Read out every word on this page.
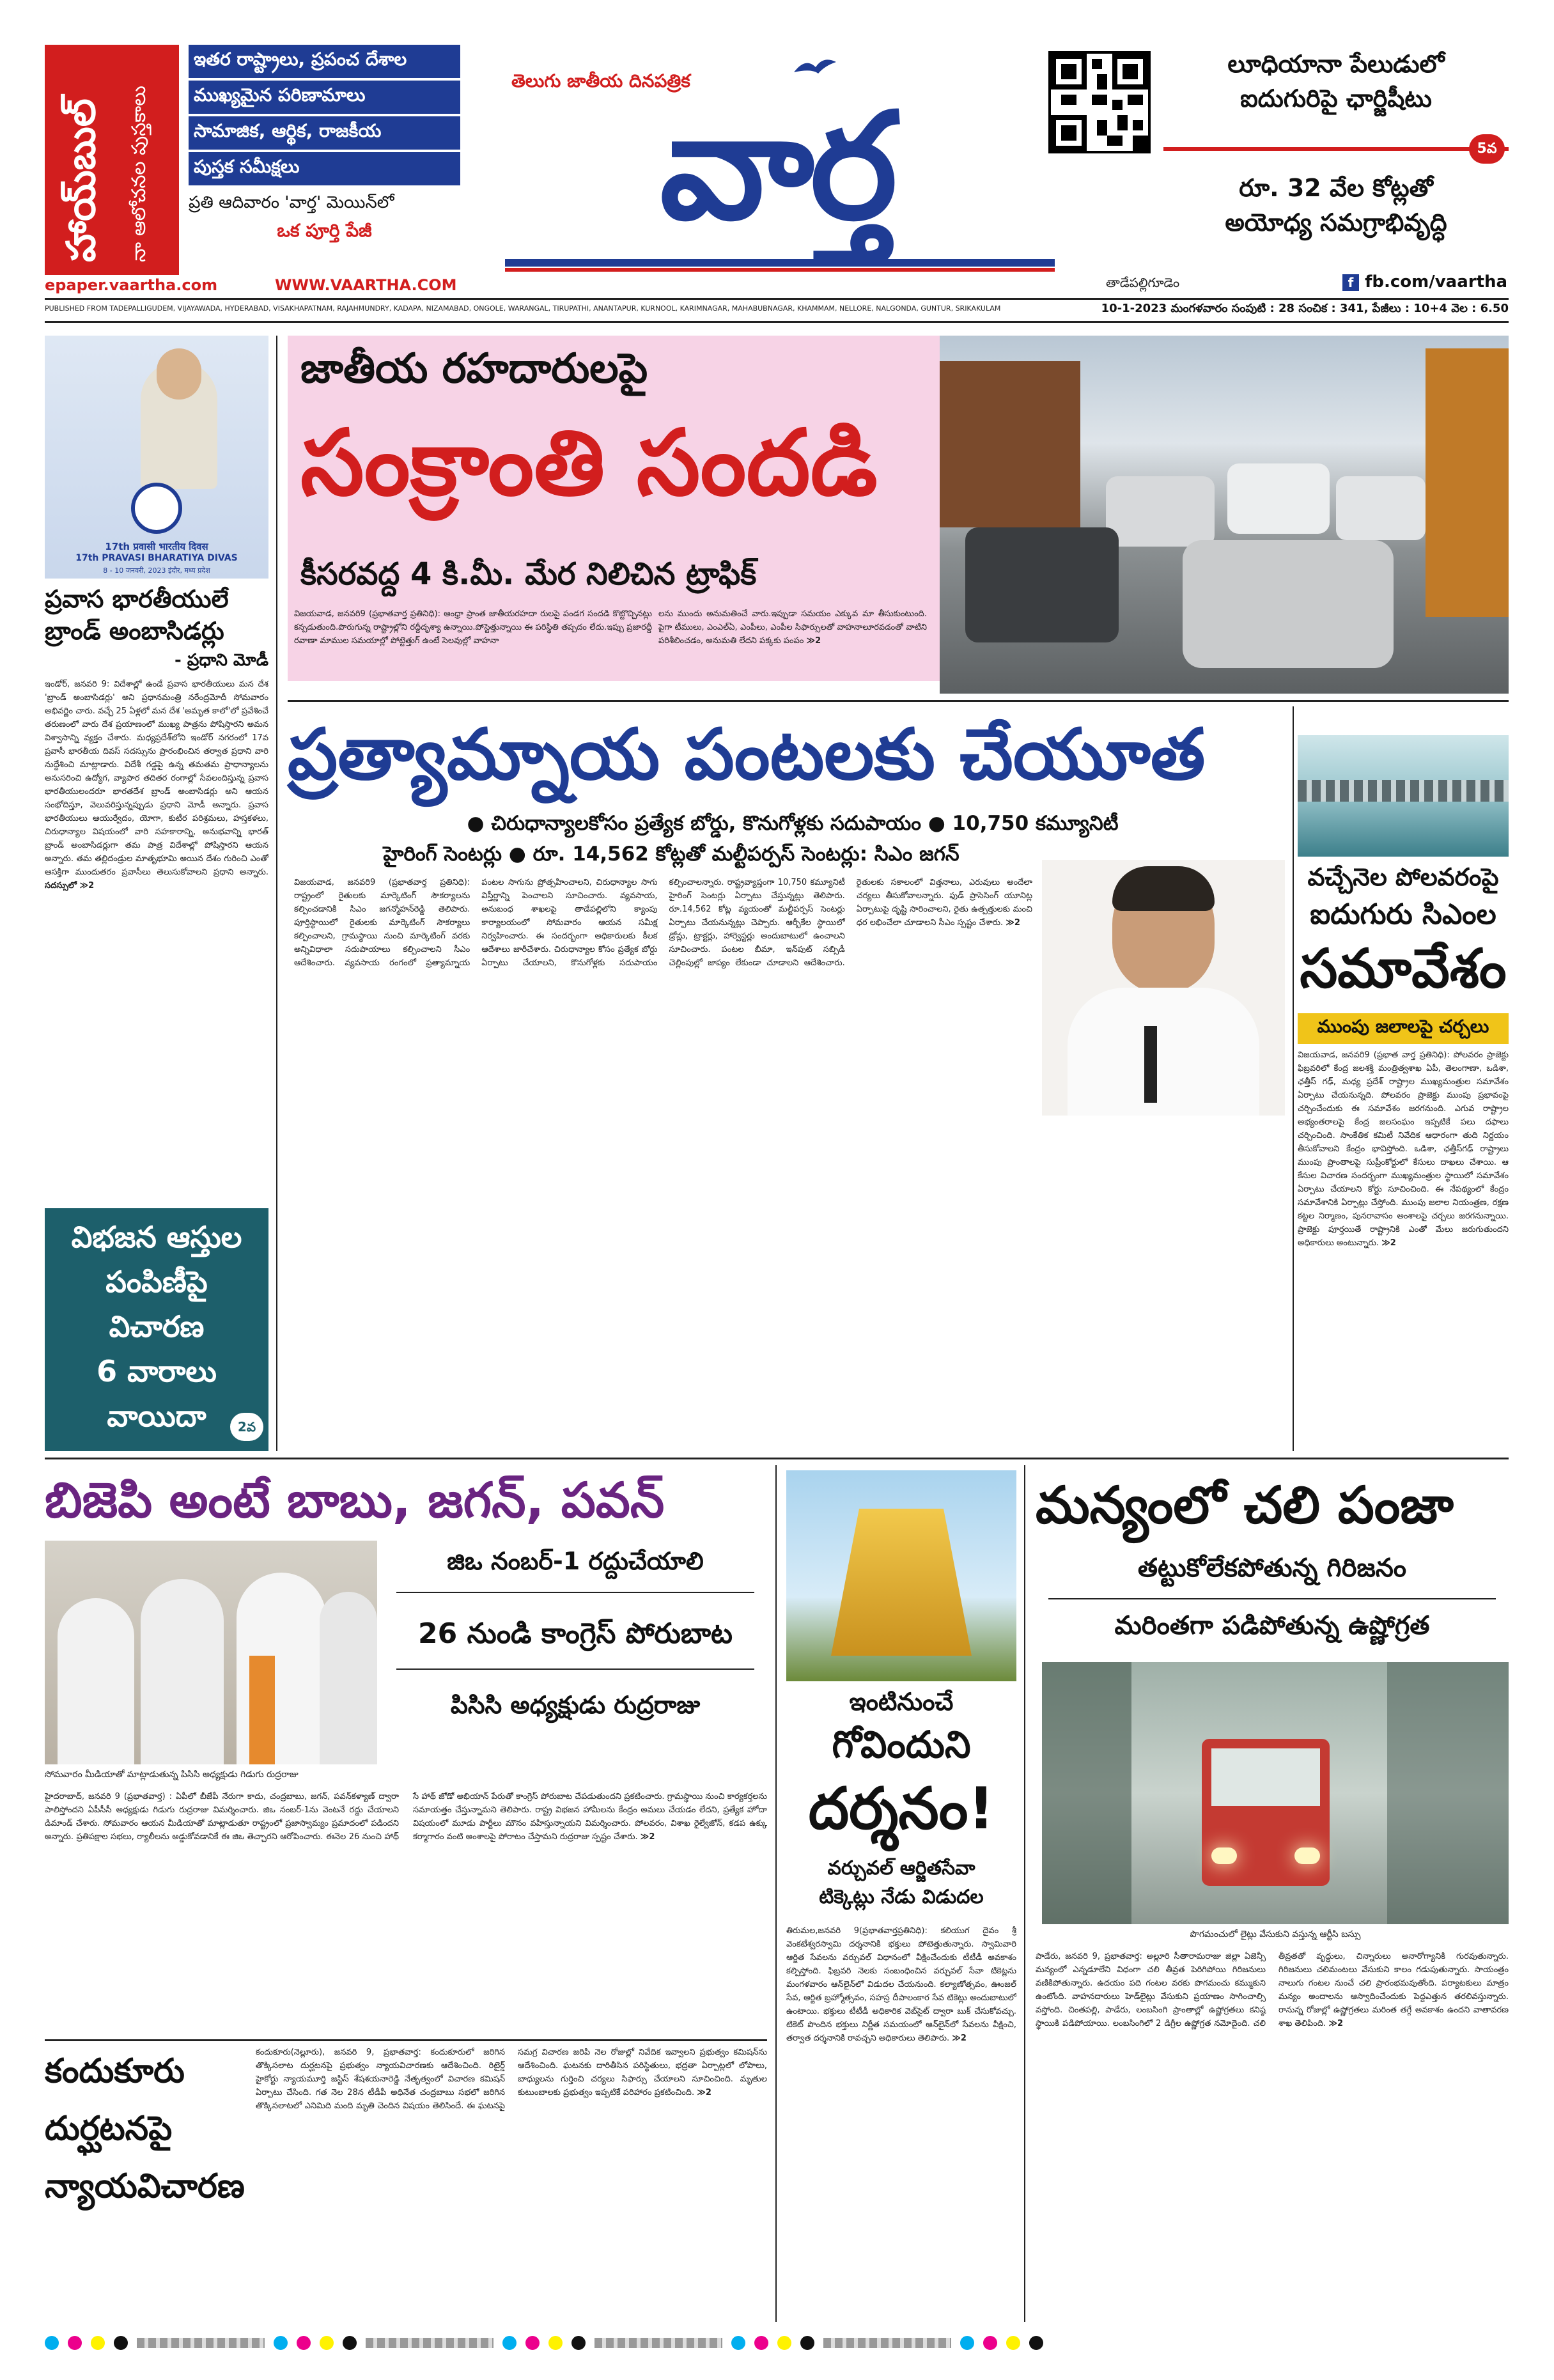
హాయ్‌బుల్	నా ఆలోచనల పుస్తకాలు
ఇతర రాష్ట్రాలు, ప్రపంచ దేశాల
ముఖ్యమైన పరిణామాలు
సామాజిక, ఆర్థిక, రాజకీయ
పుస్తక సమీక్షలు
ప్రతి ఆదివారం 'వార్త' మెయిన్‌లో
ఒక పూర్తి పేజీ
epaper.vaartha.com	WWW.VAARTHA.COM
తెలుగు జాతీయ దినపత్రిక
వార్త
లూధియానా పేలుడులో
ఐదుగురిపై ఛార్జిషీటు
5వ
రూ. 32 వేల కోట్లతో
అయోధ్య సమగ్రాభివృద్ధి
తాడేపల్లిగూడెం	f fb.com/vaartha
PUBLISHED FROM TADEPALLIGUDEM, VIJAYAWADA, HYDERABAD, VISAKHAPATNAM, RAJAHMUNDRY, KADAPA, NIZAMABAD, ONGOLE, WARANGAL, TIRUPATHI, ANANTAPUR, KURNOOL, KARIMNAGAR, MAHABUBNAGAR, KHAMMAM, NELLORE, NALGONDA, GUNTUR, SRIKAKULAM	10-1-2023 మంగళవారం సంపుటి : 28 సంచిక : 341, పేజీలు : 10+4 వెల : 6.50
17th प्रवासी भारतीय दिवस
17th PRAVASI BHARATIYA DIVAS
8 - 10 जनवरी, 2023 इंदौर, मध्य प्रदेश
ప్రవాస భారతీయులే
బ్రాండ్ అంబాసిడర్లు
- ప్రధాని మోడీ
ఇండోర్, జనవరి 9: విదేశాల్లో ఉండే ప్రవాస భారతీయులు మన దేశ 'బ్రాండ్ అంబాసిడర్లు' అని ప్రధానమంత్రి నరేంద్రమోదీ సోమవారం అభివర్ణిం చారు. వచ్చే 25 ఏళ్లలో మన దేశ 'అమృత కాలో'లో ప్రవేశించే తరుణంలో వారు దేశ ప్రయాణంలో ముఖ్య పాత్రను పోషిస్తారని అమన విశ్వాసాన్ని వ్యక్తం చేశారు. మధ్యప్రదేశ్‌లోని ఇండోర్ నగరంలో 17వ ప్రవాసీ భారతీయ దివస్ సదస్సును ప్రారంభించిన తర్వాత ప్రధాని వారి నుద్దేశించి మాట్లాడారు. విదేశీ గడ్డపై ఉన్న తమతమ ప్రాధాన్యాలను అనుసరించి ఉద్యోగ, వ్యాపార తదితర రంగాల్లో సేవలందిస్తున్న ప్రవాస భారతీయులందరూ భారతదేశ బ్రాండ్ అంబాసిడర్లు అని ఆయన సంభోదిస్తూ, వెలువరిస్తున్నప్పుడు ప్రధాని మోడీ అన్నారు. ప్రవాస భారతీయులు ఆయుర్వేదం, యోగా, కుటీర పరిశ్రమలు, హస్తకళలు, చిరుధాన్యాల విషయంలో వారి సహకారాన్ని, అనుభవాన్ని భారత్ బ్రాండ్ అంబాసిడర్లుగా తమ పాత్ర విదేశాల్లో పోషిస్తారని ఆయన అన్నారు. తమ తల్లిదండ్రుల మాతృభూమి అయిన దేశం గురించి ఎంతో ఆసక్తిగా ముందుతరం ప్రవాసీలు తెలుసుకోవాలని ప్రధాని అన్నారు. సదస్సులో ≫2
విభజన ఆస్తుల
పంపిణీపై
విచారణ
6 వారాలు
వాయిదా	2వ
జాతీయ రహదారులపై
సంక్రాంతి సందడి
కీసరవద్ద 4 కి.మీ. మేర నిలిచిన ట్రాఫిక్
విజయవాడ, జనవరి9 (ప్రభాతవార్త ప్రతినిధి): ఆంధ్రా ప్రాంత జాతీయరహదా రులపై పండగ సందడి కొట్టొచ్చినట్లు కన్పడుతుంది.పొరుగున్న రాష్ట్రాల్లోని రద్దీదృశ్యా ఉన్నాయి.పోస్టెత్తున్నాయి ఈ పరిస్థితి తప్పదం లేదు.ఇప్పు ప్రజారద్దీ రవాణా మాముల సమయాల్లో పోట్టెత్తుగ్ ఉంటే సెలవుల్లో వాహనా
లను ముందు అనుమతించే వారు.ఇప్పుడా సమయం ఎక్కువ మా తీసుకుంటుంది. పైగా టీములు, ఎంఎల్ఏ, ఎంపీలు, ఎంపీల సిఫార్సులతో వాహనాలూరవడంతో వాటిని పరిశీలించడం, అనుమతి లేదని పక్కకు పంపం ≫2
ప్రత్యామ్నాయ పంటలకు చేయూత
● చిరుధాన్యాలకోసం ప్రత్యేక బోర్డు, కొనుగోళ్లకు సదుపాయం ● 10,750 కమ్యూనిటీ
హైరింగ్ సెంటర్లు ● రూ. 14,562 కోట్లతో మల్టీపర్పస్ సెంటర్లు: సిఎం జగన్
విజయవాడ, జనవరి9 (ప్రభాతవార్త ప్రతినిధి): రాష్ట్రంలో రైతులకు మార్కెటింగ్ సౌకర్యాలను కల్పించడానికి సిఎం జగన్మోహన్‌రెడ్డి తెలిపారు. పూర్తిస్థాయిలో రైతులకు మార్కెటింగ్ సౌకర్యాలు కల్పించాలని, గ్రామస్థాయి నుంచి మార్కెటింగ్ వరకు అన్నివిధాలా సదుపాయాలు కల్పించాలని సీఎం ఆదేశించారు. వ్యవసాయ రంగంలో ప్రత్యామ్నాయ పంటల సాగును ప్రోత్సహించాలని, చిరుధాన్యాల సాగు విస్తీర్ణాన్ని పెంచాలని సూచించారు. వ్యవసాయ, అనుబంధ శాఖలపై తాడేపల్లిలోని క్యాంపు కార్యాలయంలో సోమవారం ఆయన సమీక్ష నిర్వహించారు. ఈ సందర్భంగా అధికారులకు కీలక ఆదేశాలు జారీచేశారు. చిరుధాన్యాల కోసం ప్రత్యేక బోర్డు ఏర్పాటు చేయాలని, కొనుగోళ్లకు సదుపాయం కల్పించాలన్నారు. రాష్ట్రవ్యాప్తంగా 10,750 కమ్యూనిటీ హైరింగ్ సెంటర్లు ఏర్పాటు చేస్తున్నట్లు తెలిపారు. రూ.14,562 కోట్ల వ్యయంతో మల్టీపర్పస్ సెంటర్లు ఏర్పాటు చేయనున్నట్లు చెప్పారు. ఆర్బీకేల స్థాయిలో డ్రోన్లు, ట్రాక్టర్లు, హార్వెస్టర్లు అందుబాటులో ఉంచాలని సూచించారు. పంటల బీమా, ఇన్‌పుట్ సబ్సిడీ చెల్లింపుల్లో జాప్యం లేకుండా చూడాలని ఆదేశించారు. రైతులకు సకాలంలో విత్తనాలు, ఎరువులు అందేలా చర్యలు తీసుకోవాలన్నారు. ఫుడ్ ప్రాసెసింగ్ యూనిట్ల ఏర్పాటుపై దృష్టి సారించాలని, రైతు ఉత్పత్తులకు మంచి ధర లభించేలా చూడాలని సీఎం స్పష్టం చేశారు. ≫2
వచ్చేనెల పోలవరంపై
ఐదుగురు సిఎంల
సమావేశం
ముంపు జలాలపై చర్చలు
విజయవాడ, జనవరి9 (ప్రభాత వార్త ప్రతినిధి): పోలవరం ప్రాజెక్టు ఫిబ్రవరిలో కేంద్ర జలశక్తి మంత్రిత్వశాఖ ఏపీ, తెలంగాణా, ఒడిశా, ఛత్తీస్ గఢ్, మధ్య ప్రదేశ్ రాష్ట్రాల ముఖ్యమంత్రుల సమావేశం ఏర్పాటు చేయనున్నది. పోలవరం ప్రాజెక్టు ముంపు ప్రభావంపై చర్చించేందుకు ఈ సమావేశం జరగనుంది. ఎగువ రాష్ట్రాల అభ్యంతరాలపై కేంద్ర జలసంఘం ఇప్పటికే పలు దఫాలు చర్చించింది. సాంకేతిక కమిటీ నివేదిక ఆధారంగా తుది నిర్ణయం తీసుకోవాలని కేంద్రం భావిస్తోంది. ఒడిశా, ఛత్తీస్‌గఢ్ రాష్ట్రాలు ముంపు ప్రాంతాలపై సుప్రీంకోర్టులో కేసులు దాఖలు చేశాయి. ఆ కేసుల విచారణ సందర్భంగా ముఖ్యమంత్రుల స్థాయిలో సమావేశం ఏర్పాటు చేయాలని కోర్టు సూచించింది. ఈ నేపథ్యంలో కేంద్రం సమావేశానికి ఏర్పాట్లు చేస్తోంది. ముంపు జలాల నియంత్రణ, రక్షణ కట్టల నిర్మాణం, పునరావాసం అంశాలపై చర్చలు జరగనున్నాయి. ప్రాజెక్టు పూర్తయితే రాష్ట్రానికి ఎంతో మేలు జరుగుతుందని అధికారులు అంటున్నారు. ≫2
బిజెపి అంటే బాబు, జగన్, పవన్
సోమవారం మీడియాతో మాట్లాడుతున్న పిసిసి అధ్యక్షుడు గిడుగు రుద్రరాజు
జిఒ నంబర్-1 రద్దుచేయాలి
26 నుండి కాంగ్రెస్ పోరుబాట
పిసిసి అధ్యక్షుడు రుద్రరాజు
హైదరాబాద్, జనవరి 9 (ప్రభాతవార్త) : ఏపీలో బీజేపీ నేరుగా కాదు, చంద్రబాబు, జగన్, పవన్‌కళ్యాణ్ ద్వారా పాలిస్తోందని ఏపీసీసీ అధ్యక్షుడు గిడుగు రుద్రరాజు విమర్శించారు. జిఒ నంబర్-1ను వెంటనే రద్దు చేయాలని డిమాండ్ చేశారు. సోమవారం ఆయన మీడియాతో మాట్లాడుతూ రాష్ట్రంలో ప్రజాస్వామ్యం ప్రమాదంలో పడిందని అన్నారు. ప్రతిపక్షాల సభలు, ర్యాలీలను అడ్డుకోవడానికే ఈ జిఒ తెచ్చారని ఆరోపించారు. ఈనెల 26 నుంచి హాథ్ సే హాథ్ జోడో అభియాన్ పేరుతో కాంగ్రెస్ పోరుబాట చేపడుతుందని ప్రకటించారు. గ్రామస్థాయి నుంచి కార్యకర్తలను సమాయత్తం చేస్తున్నామని తెలిపారు. రాష్ట్ర విభజన హామీలను కేంద్రం అమలు చేయడం లేదని, ప్రత్యేక హోదా విషయంలో మూడు పార్టీలు మౌనం వహిస్తున్నాయని విమర్శించారు. పోలవరం, విశాఖ రైల్వేజోన్, కడప ఉక్కు కర్మాగారం వంటి అంశాలపై పోరాటం చేస్తామని రుద్రరాజు స్పష్టం చేశారు. ≫2
కందుకూరు
దుర్ఘటనపై
న్యాయవిచారణ
కందుకూరు(నెల్లూరు), జనవరి 9, ప్రభాతవార్త: కందుకూరులో జరిగిన తొక్కిసలాట దుర్ఘటనపై ప్రభుత్వం న్యాయవిచారణకు ఆదేశించింది. రిటైర్డ్ హైకోర్టు న్యాయమూర్తి జస్టిస్ శేషశయనారెడ్డి నేతృత్వంలో విచారణ కమిషన్ ఏర్పాటు చేసింది. గత నెల 28న టీడీపీ అధినేత చంద్రబాబు సభలో జరిగిన తొక్కిసలాటలో ఎనిమిది మంది మృతి చెందిన విషయం తెలిసిందే. ఈ ఘటనపై సమగ్ర విచారణ జరిపి నెల రోజుల్లో నివేదిక ఇవ్వాలని ప్రభుత్వం కమిషన్‌ను ఆదేశించింది. ఘటనకు దారితీసిన పరిస్థితులు, భద్రతా ఏర్పాట్లలో లోపాలు, బాధ్యులను గుర్తించి చర్యలు సిఫార్సు చేయాలని సూచించింది. మృతుల కుటుంబాలకు ప్రభుత్వం ఇప్పటికే పరిహారం ప్రకటించింది. ≫2
ఇంటినుంచే
గోవిందుని
దర్శనం!
వర్చువల్ ఆర్జితసేవా
టిక్కెట్లు నేడు విడుదల
తిరుమల,జనవరి 9(ప్రభాతవార్తప్రతినిధి): కలియుగ దైవం శ్రీ వెంకటేశ్వరస్వామి దర్శనానికి భక్తులు పోటెత్తుతున్నారు. స్వామివారి ఆర్జిత సేవలను వర్చువల్ విధానంలో వీక్షించేందుకు టీటీడీ అవకాశం కల్పిస్తోంది. ఫిబ్రవరి నెలకు సంబంధించిన వర్చువల్ సేవా టికెట్లను మంగళవారం ఆన్‌లైన్‌లో విడుదల చేయనుంది. కల్యాణోత్సవం, ఊంజల్ సేవ, ఆర్జిత బ్రహ్మోత్సవం, సహస్ర దీపాలంకార సేవ టికెట్లు అందుబాటులో ఉంటాయి. భక్తులు టీటీడీ అధికారిక వెబ్‌సైట్ ద్వారా బుక్ చేసుకోవచ్చు. టికెట్ పొందిన భక్తులు నిర్ణీత సమయంలో ఆన్‌లైన్‌లో సేవలను వీక్షించి, తర్వాత దర్శనానికి రావచ్చని అధికారులు తెలిపారు. ≫2
మన్యంలో చలి పంజా
తట్టుకోలేకపోతున్న గిరిజనం
మరింతగా పడిపోతున్న ఉష్ణోగ్రత
పొగమంచులో లైట్లు వేసుకుని వస్తున్న ఆర్టీసి బస్సు
పాడేరు, జనవరి 9, ప్రభాతవార్త: అల్లూరి సీతారామరాజు జిల్లా ఏజెన్సీ మన్యంలో ఎన్నడూలేని విధంగా చలి తీవ్రత పెరిగిపోయి గిరిజనులు వణికిపోతున్నారు. ఉదయం పది గంటల వరకు పొగమంచు కమ్ముకుని ఉంటోంది. వాహనదారులు హెడ్‌లైట్లు వేసుకుని ప్రయాణం సాగించాల్సి వస్తోంది. చింతపల్లి, పాడేరు, లంబసింగి ప్రాంతాల్లో ఉష్ణోగ్రతలు కనిష్ఠ స్థాయికి పడిపోయాయి. లంబసింగిలో 2 డిగ్రీల ఉష్ణోగ్రత నమోదైంది. చలి తీవ్రతతో వృద్ధులు, చిన్నారులు అనారోగ్యానికి గురవుతున్నారు. గిరిజనులు చలిమంటలు వేసుకుని కాలం గడుపుతున్నారు. సాయంత్రం నాలుగు గంటల నుంచే చలి ప్రారంభమవుతోంది. పర్యాటకులు మాత్రం మన్యం అందాలను ఆస్వాదించేందుకు పెద్దఎత్తున తరలివస్తున్నారు. రానున్న రోజుల్లో ఉష్ణోగ్రతలు మరింత తగ్గే అవకాశం ఉందని వాతావరణ శాఖ తెలిపింది. ≫2
